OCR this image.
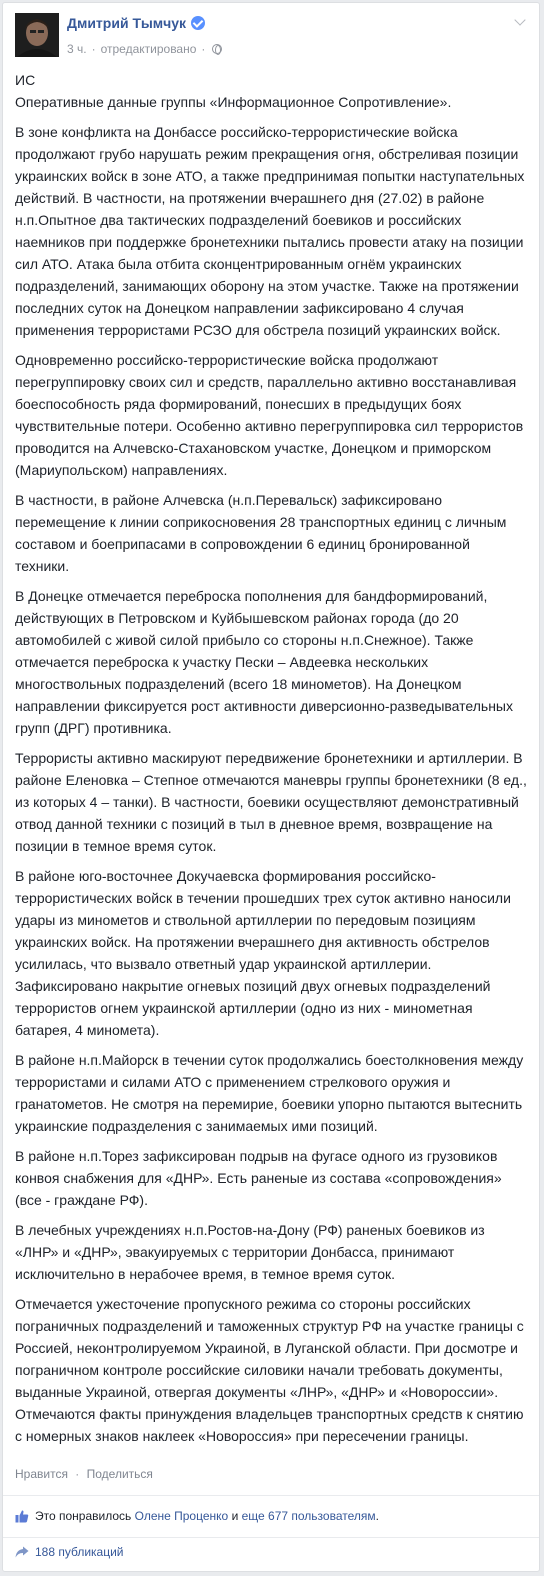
Дмитрий Тымчук
3 ч. · отредактировано ·

ИС
Оперативные данные группы «Информационное Сопротивление».

В зоне конфликта на Донбассе российско-террористические войска продолжают грубо нарушать режим прекращения огня, обстреливая позиции украинских войск в зоне АТО, а также предпринимая попытки наступательных действий. В частности, на протяжении вчерашнего дня (27.02) в районе н.п.Опытное два тактических подразделений боевиков и российских наемников при поддержке бронетехники пытались провести атаку на позиции сил АТО. Атака была отбита сконцентрированным огнём украинских подразделений, занимающих оборону на этом участке. Также на протяжении последних суток на Донецком направлении зафиксировано 4 случая применения террористами РСЗО для обстрела позиций украинских войск.

Одновременно российско-террористические войска продолжают перегруппировку своих сил и средств, параллельно активно восстанавливая боеспособность ряда формирований, понесших в предыдущих боях чувствительные потери. Особенно активно перегруппировка сил террористов проводится на Алчевско-Стахановском участке, Донецком и приморском (Мариупольском) направлениях.

В частности, в районе Алчевска (н.п.Перевальск) зафиксировано перемещение к линии соприкосновения 28 транспортных единиц с личным составом и боеприпасами в сопровождении 6 единиц бронированной техники.

В Донецке отмечается переброска пополнения для бандформирований, действующих в Петровском и Куйбышевском районах города (до 20 автомобилей с живой силой прибыло со стороны н.п.Снежное). Также отмечается переброска к участку Пески – Авдеевка нескольких многоствольных подразделений (всего 18 минометов). На Донецком направлении фиксируется рост активности диверсионно-разведывательных групп (ДРГ) противника.

Террористы активно маскируют передвижение бронетехники и артиллерии. В районе Еленовка – Степное отмечаются маневры группы бронетехники (8 ед., из которых 4 – танки). В частности, боевики осуществляют демонстративный отвод данной техники с позиций в тыл в дневное время, возвращение на позиции в темное время суток.

В районе юго-восточнее Докучаевска формирования российско-террористических войск в течении прошедших трех суток активно наносили удары из минометов и ствольной артиллерии по передовым позициям украинских войск. На протяжении вчерашнего дня активность обстрелов усилилась, что вызвало ответный удар украинской артиллерии. Зафиксировано накрытие огневых позиций двух огневых подразделений террористов огнем украинской артиллерии (одно из них - минометная батарея, 4 миномета).

В районе н.п.Майорск в течении суток продолжались боестолкновения между террористами и силами АТО с применением стрелкового оружия и гранатометов. Не смотря на перемирие, боевики упорно пытаются вытеснить украинские подразделения с занимаемых ими позиций.

В районе н.п.Торез зафиксирован подрыв на фугасе одного из грузовиков конвоя снабжения для «ДНР». Есть раненые из состава «сопровождения» (все - граждане РФ).

В лечебных учреждениях н.п.Ростов-на-Дону (РФ) раненых боевиков из «ЛНР» и «ДНР», эвакуируемых с территории Донбасса, принимают исключительно в нерабочее время, в темное время суток.

Отмечается ужесточение пропускного режима со стороны российских пограничных подразделений и таможенных структур РФ на участке границы с Россией, неконтролируемом Украиной, в Луганской области. При досмотре и пограничном контроле российские силовики начали требовать документы, выданные Украиной, отвергая документы «ЛНР», «ДНР» и «Новороссии». Отмечаются факты принуждения владельцев транспортных средств к снятию с номерных знаков наклеек «Новороссия» при пересечении границы.

Нравится · Поделиться
Это понравилось
Олене Проценко
и
еще 677 пользователям .
188 публикаций
